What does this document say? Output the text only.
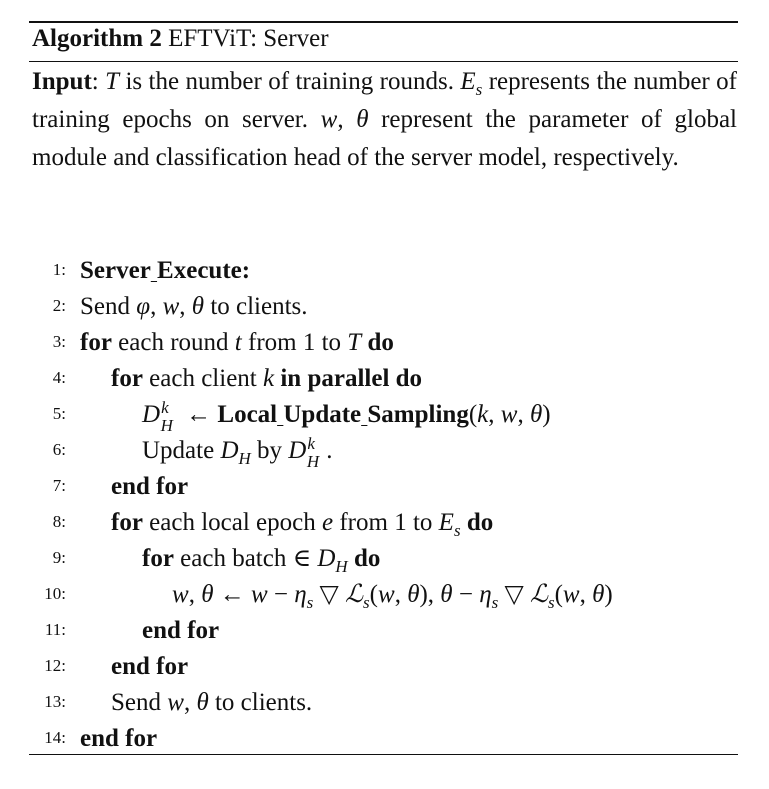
Algorithm 2 EFTViT: Server
Input: T is the number of training rounds. $E_s$ represents the number of training epochs on server. w, θ represent the parameter of global module and classification head of the server model, respectively.
1: Server Execute:
2: Send φ, w, θ to clients.
3: for each round t from 1 to T do
4: for each client k in parallel do
5:	DkH ← Local Update Sampling(k, w, θ)
6:	Update $D_H$ by DkH .
7: end for
8: for each local epoch e from 1 to $E_s$ do
9:	for each batch ∈ $D_H$ do
10:	w, θ ← $w - \eta_s$ ▽ ℒ$_s$(w, θ), $\theta - \eta_s$ ▽ ℒ$_s$(w, θ)
11:	end for
12: end for
13: Send w, θ to clients.
14: end for
